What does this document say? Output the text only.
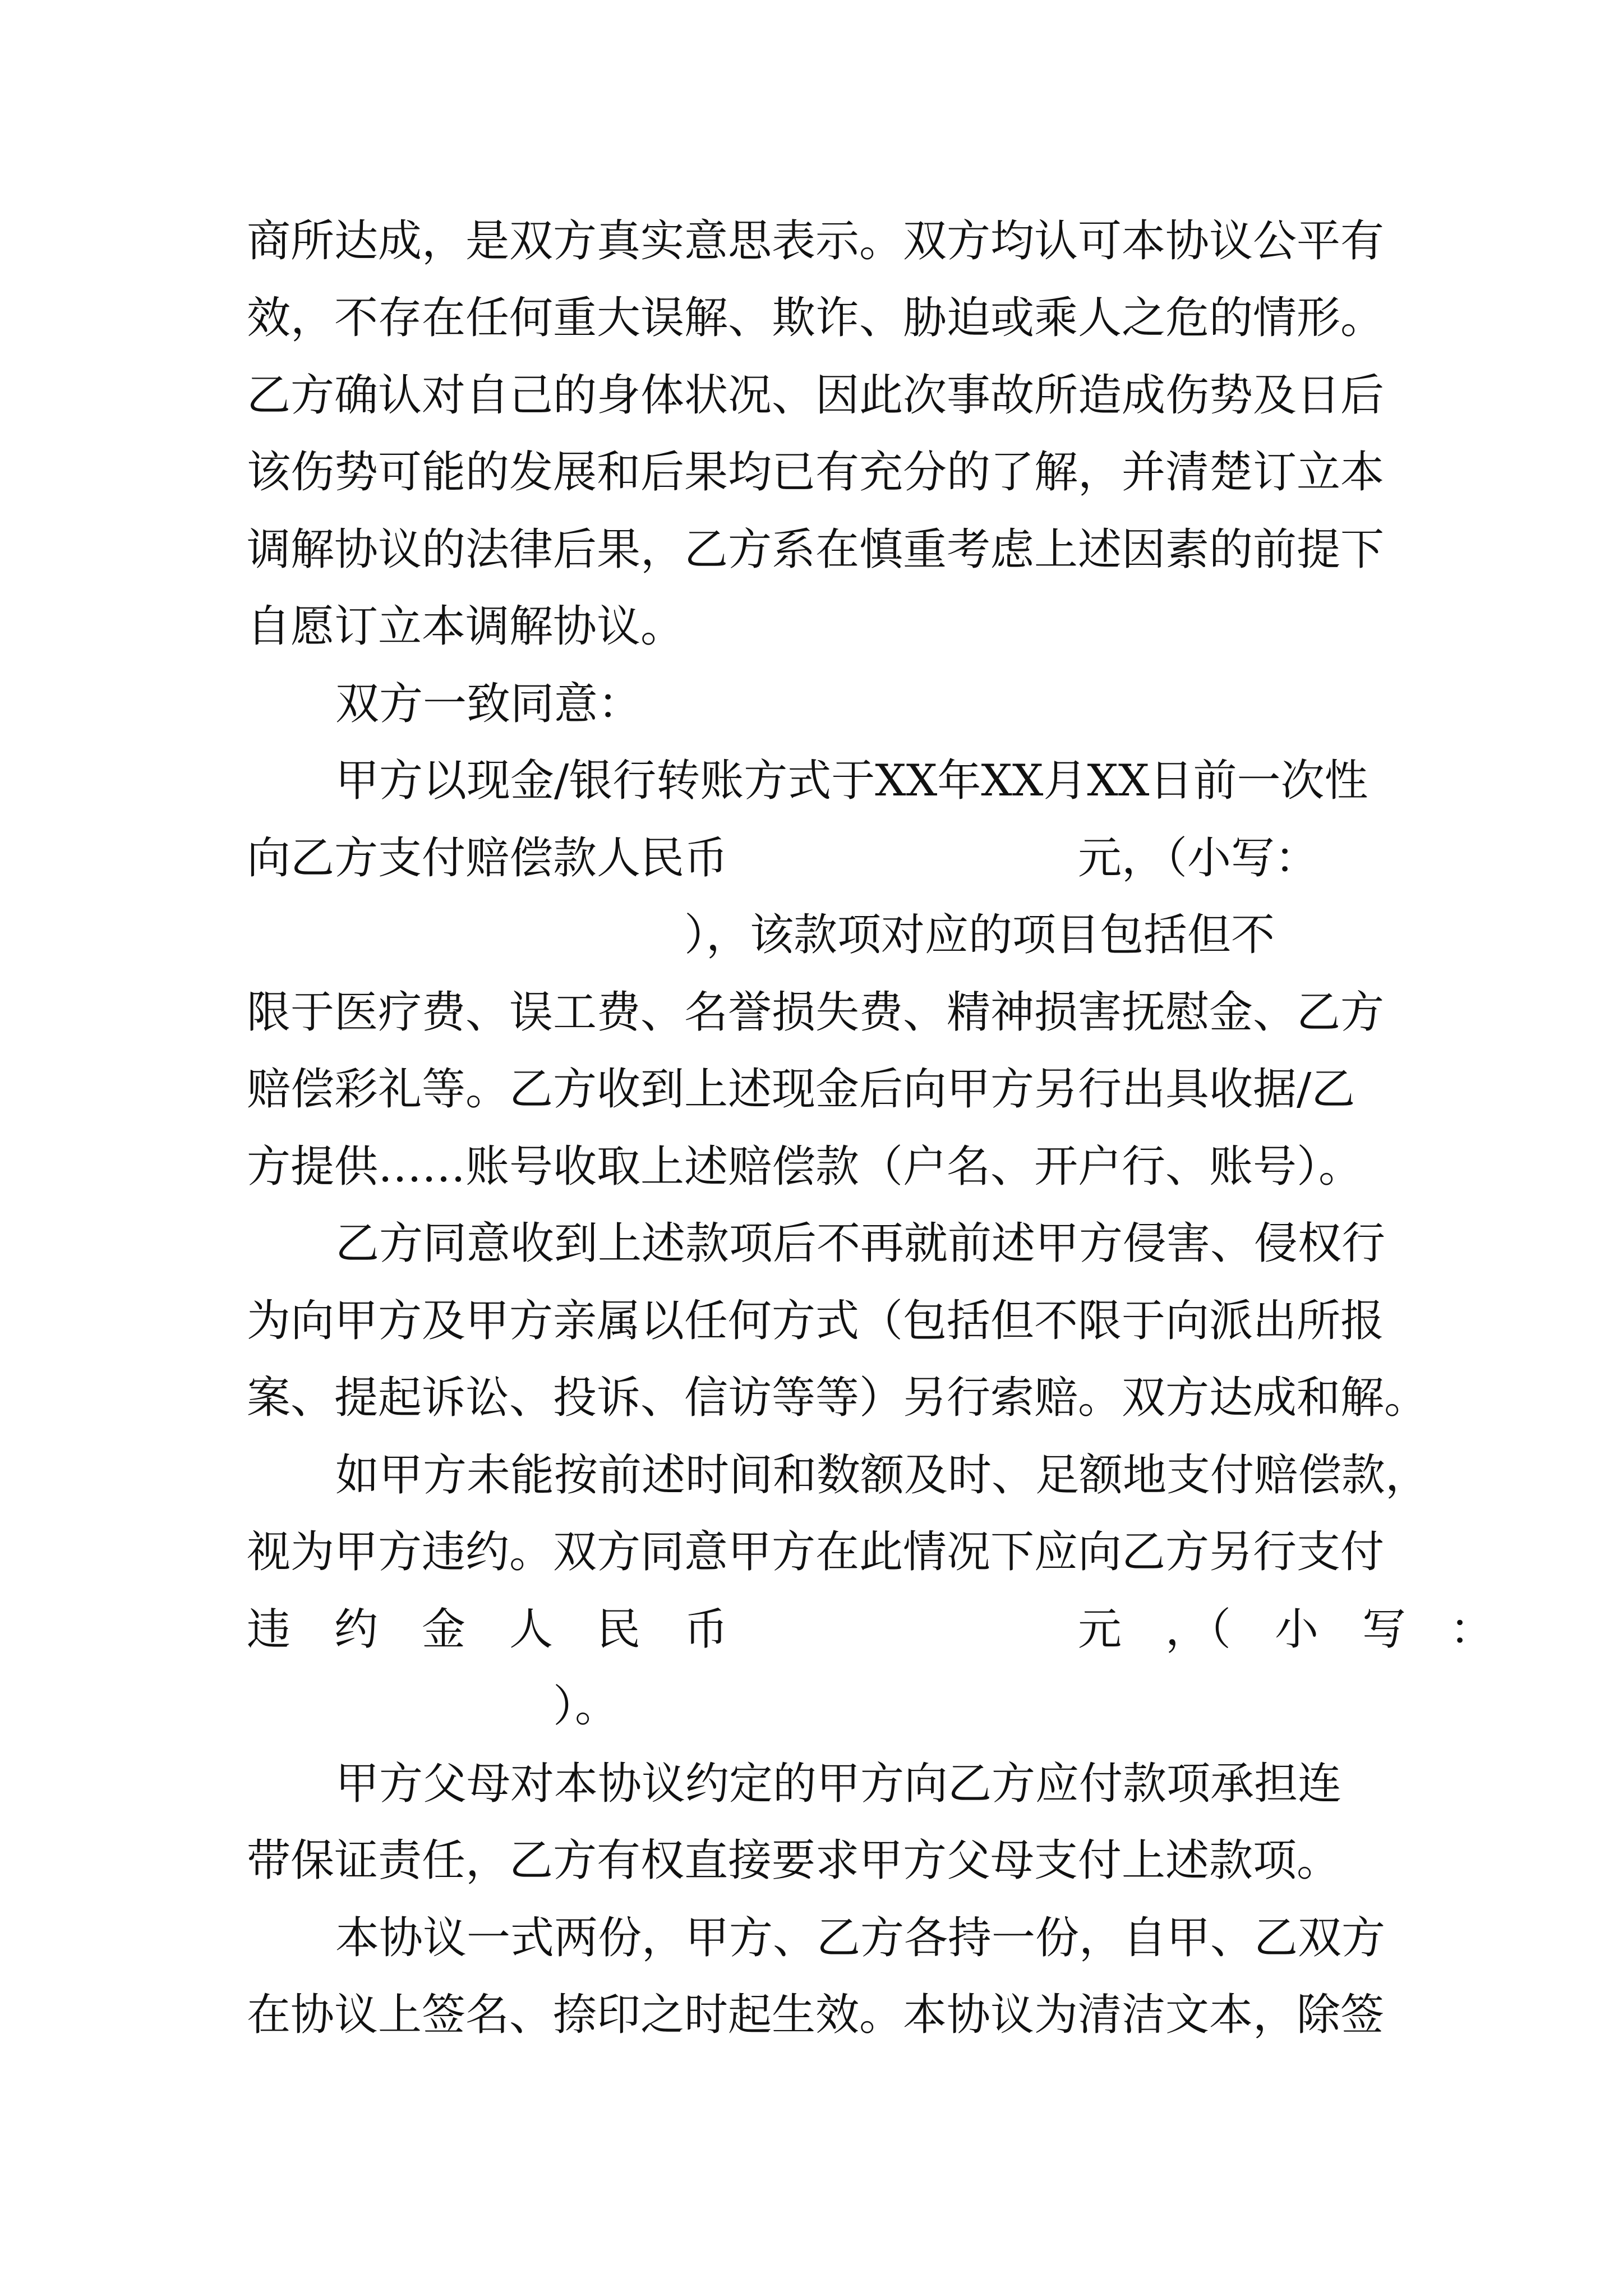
商所达成，是双方真实意思表示。双方均认可本协议公平有
效，不存在任何重大误解、欺诈、胁迫或乘人之危的情形。
乙方确认对自己的身体状况、因此次事故所造成伤势及日后
该伤势可能的发展和后果均已有充分的了解，并清楚订立本
调解协议的法律后果，乙方系在慎重考虑上述因素的前提下
自愿订立本调解协议。
双方一致同意：
甲方以现金/银行转账方式于XX年XX月XX日前一次性
向乙方支付赔偿款人民币　　　　　　　　元，（小写：
　　　　　　　　　　），该款项对应的项目包括但不
限于医疗费、误工费、名誉损失费、精神损害抚慰金、乙方
赔偿彩礼等。乙方收到上述现金后向甲方另行出具收据/乙
方提供……账号收取上述赔偿款（户名、开户行、账号）。
乙方同意收到上述款项后不再就前述甲方侵害、侵权行
为向甲方及甲方亲属以任何方式（包括但不限于向派出所报
案、提起诉讼、投诉、信访等等）另行索赔。双方达成和解。
如甲方未能按前述时间和数额及时、足额地支付赔偿款，
视为甲方违约。双方同意甲方在此情况下应向乙方另行支付
违　约　金　人　民　币　　　　　　　　元　，（　小　写　：
　　　　　　　）。
甲方父母对本协议约定的甲方向乙方应付款项承担连
带保证责任，乙方有权直接要求甲方父母支付上述款项。
本协议一式两份，甲方、乙方各持一份，自甲、乙双方
在协议上签名、捺印之时起生效。本协议为清洁文本，除签
